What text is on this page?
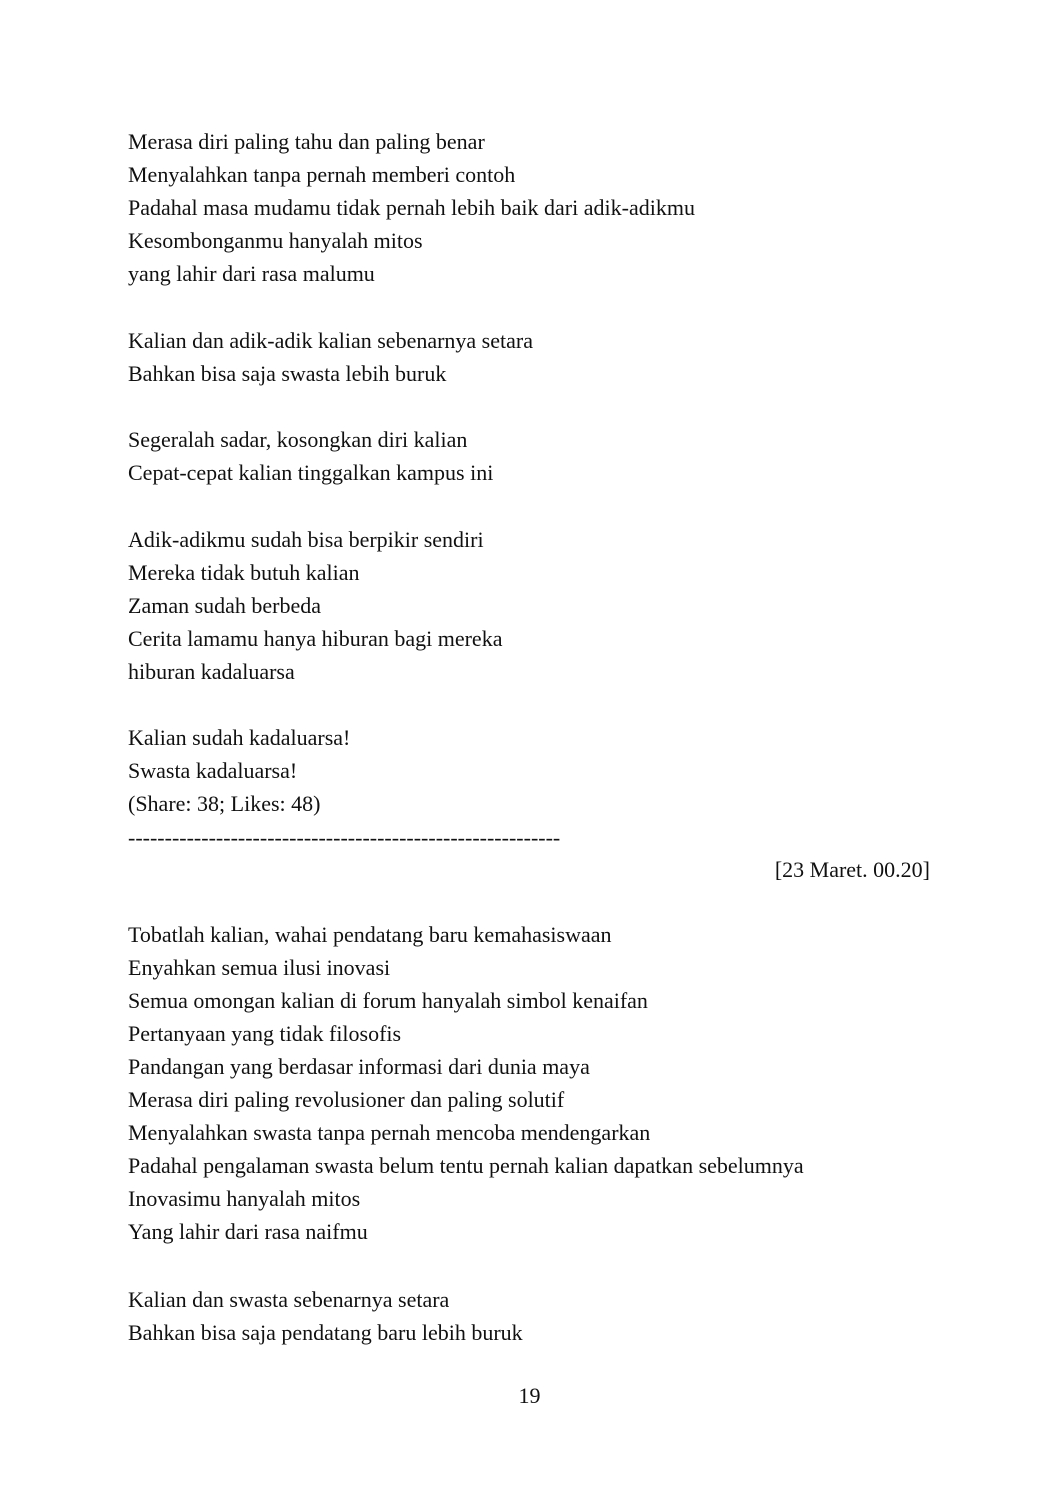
Merasa diri paling tahu dan paling benar
Menyalahkan tanpa pernah memberi contoh
Padahal masa mudamu tidak pernah lebih baik dari adik-adikmu
Kesombonganmu hanyalah mitos
yang lahir dari rasa malumu
Kalian dan adik-adik kalian sebenarnya setara
Bahkan bisa saja swasta lebih buruk
Segeralah sadar, kosongkan diri kalian
Cepat-cepat kalian tinggalkan kampus ini
Adik-adikmu sudah bisa berpikir sendiri
Mereka tidak butuh kalian
Zaman sudah berbeda
Cerita lamamu hanya hiburan bagi mereka
hiburan kadaluarsa
Kalian sudah kadaluarsa!
Swasta kadaluarsa!
(Share: 38; Likes: 48)
-----------------------------------------------------------
[23 Maret. 00.20]
Tobatlah kalian, wahai pendatang baru kemahasiswaan
Enyahkan semua ilusi inovasi
Semua omongan kalian di forum hanyalah simbol kenaifan
Pertanyaan yang tidak filosofis
Pandangan yang berdasar informasi dari dunia maya
Merasa diri paling revolusioner dan paling solutif
Menyalahkan swasta tanpa pernah mencoba mendengarkan
Padahal pengalaman swasta belum tentu pernah kalian dapatkan sebelumnya
Inovasimu hanyalah mitos
Yang lahir dari rasa naifmu
Kalian dan swasta sebenarnya setara
Bahkan bisa saja pendatang baru lebih buruk
19
